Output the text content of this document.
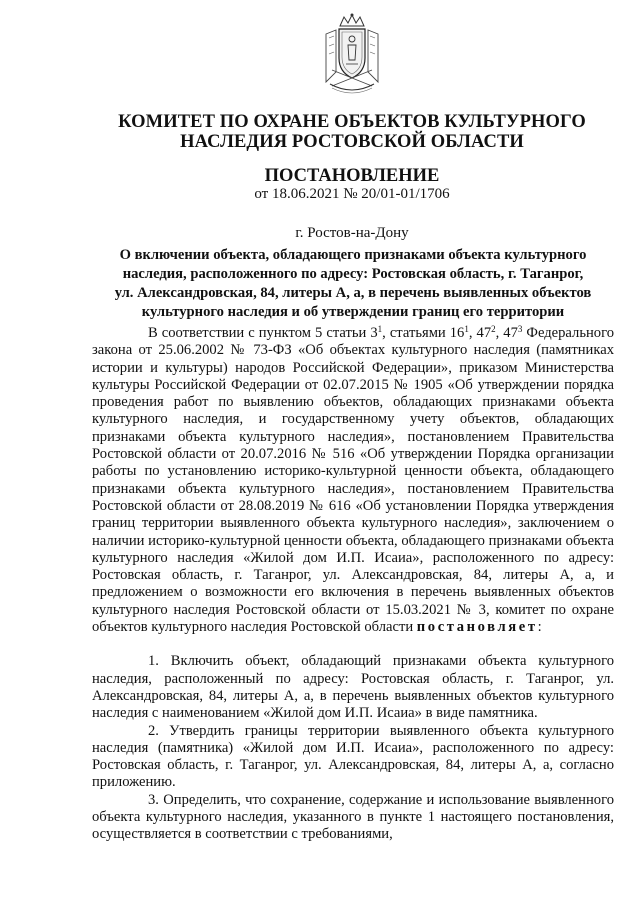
КОМИТЕТ ПО ОХРАНЕ ОБЪЕКТОВ КУЛЬТУРНОГО
НАСЛЕДИЯ РОСТОВСКОЙ ОБЛАСТИ
ПОСТАНОВЛЕНИЕ
от 18.06.2021 № 20/01-01/1706
г. Ростов-на-Дону
О включении объекта, обладающего признаками объекта культурного
наследия, расположенного по адресу: Ростовская область, г. Таганрог,
ул. Александровская, 84, литеры А, а, в перечень выявленных объектов
культурного наследия и об утверждении границ его территории

В соответствии с пунктом 5 статьи $3^1$, статьями $16^1$, $47^2$, $47^3$ Федерального закона от 25.06.2002 № 73-ФЗ «Об объектах культурного наследия (памятниках истории и культуры) народов Российской Федерации», приказом Министерства культуры Российской Федерации от 02.07.2015 № 1905 «Об утверждении порядка проведения работ по выявлению объектов, обладающих признаками объекта культурного наследия, и государственному учету объектов, обладающих признаками объекта культурного наследия», постановлением Правительства Ростовской области от 20.07.2016 № 516 «Об утверждении Порядка организации работы по установлению историко-культурной ценности объекта, обладающего признаками объекта культурного наследия», постановлением Правительства Ростовской области от 28.08.2019 № 616 «Об установлении Порядка утверждения границ территории выявленного объекта культурного наследия», заключением о наличии историко-культурной ценности объекта, обладающего признаками объекта культурного наследия «Жилой дом И.П. Исаиа», расположенного по адресу: Ростовская область, г. Таганрог, ул. Александровская, 84, литеры А, а, и предложением о возможности его включения в перечень выявленных объектов культурного наследия Ростовской области от 15.03.2021 № 3, комитет по охране объектов культурного наследия Ростовской области постановляет:

1. Включить объект, обладающий признаками объекта культурного наследия, расположенный по адресу: Ростовская область, г. Таганрог, ул. Александровская, 84, литеры А, а, в перечень выявленных объектов культурного наследия с наименованием «Жилой дом И.П. Исаиа» в виде памятника.

2. Утвердить границы территории выявленного объекта культурного наследия (памятника) «Жилой дом И.П. Исаиа», расположенного по адресу: Ростовская область, г. Таганрог, ул. Александровская, 84, литеры А, а, согласно приложению.

3. Определить, что сохранение, содержание и использование выявленного объекта культурного наследия, указанного в пункте 1 настоящего постановления, осуществляется в соответствии с требованиями,
